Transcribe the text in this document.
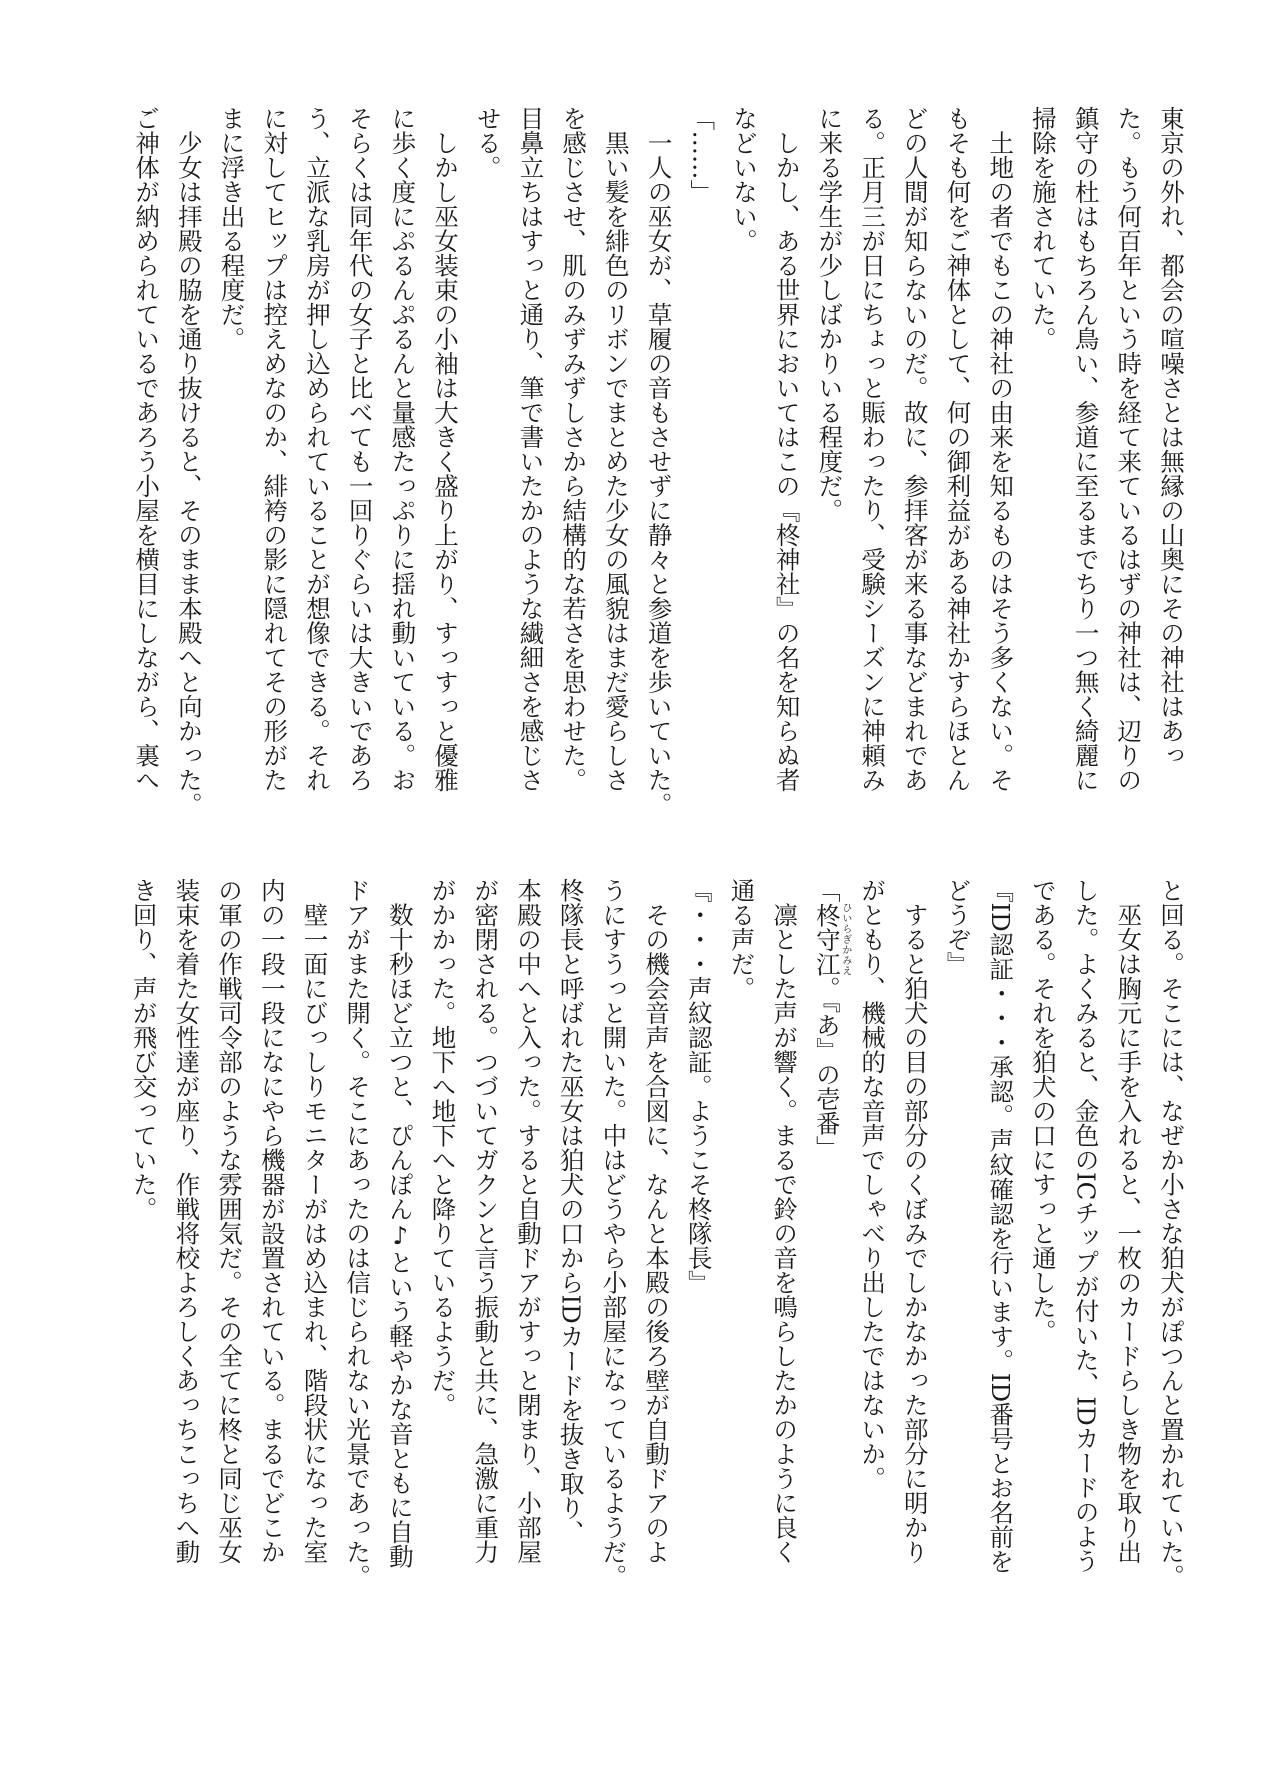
東京の外れ、都会の喧噪さとは無縁の山奥にその神社はあっ
た。もう何百年という時を経て来ているはずの神社は、辺りの
鎮守の杜はもちろん鳥い、参道に至るまでちり一つ無く綺麗に
掃除を施されていた。
　土地の者でもこの神社の由来を知るものはそう多くない。そ
もそも何をご神体として、何の御利益がある神社かすらほとん
どの人間が知らないのだ。故に、参拝客が来る事などまれであ
る。正月三が日にちょっと賑わったり、受験シーズンに神頼み
に来る学生が少しばかりいる程度だ。
　しかし、ある世界においてはこの『柊神社』の名を知らぬ者
などいない。
「……」
　一人の巫女が、草履の音もさせずに静々と参道を歩いていた。
　黒い髪を緋色のリボンでまとめた少女の風貌はまだ愛らしさ
を感じさせ、肌のみずみずしさから結構的な若さを思わせた。
目鼻立ちはすっと通り、筆で書いたかのような繊細さを感じさ
せる。
　しかし巫女装束の小袖は大きく盛り上がり、すっすっと優雅
に歩く度にぷるんぷるんと量感たっぷりに揺れ動いている。お
そらくは同年代の女子と比べても一回りぐらいは大きいであろ
う、立派な乳房が押し込められていることが想像できる。それ
に対してヒップは控えめなのか、緋袴の影に隠れてその形がた
まに浮き出る程度だ。
　少女は拝殿の脇を通り抜けると、そのまま本殿へと向かった。
ご神体が納められているであろう小屋を横目にしながら、裏へ
と回る。そこには、なぜか小さな狛犬がぽつんと置かれていた。
　巫女は胸元に手を入れると、一枚のカードらしき物を取り出
した。よくみると、金色のICチップが付いた、IDカードのよう
である。それを狛犬の口にすっと通した。
『ID認証・・・承認。声紋確認を行います。ID番号とお名前を
どうぞ』
　すると狛犬の目の部分のくぼみでしかなかった部分に明かり
がともり、機械的な音声でしゃべり出したではないか。
「柊守江ひいらぎかみえ。『あ』の壱番」
　凛とした声が響く。まるで鈴の音を鳴らしたかのように良く
通る声だ。
『・・・声紋認証。ようこそ柊隊長』
　その機会音声を合図に、なんと本殿の後ろ壁が自動ドアのよ
うにすうっと開いた。中はどうやら小部屋になっているようだ。
柊隊長と呼ばれた巫女は狛犬の口からIDカードを抜き取り、
本殿の中へと入った。すると自動ドアがすっと閉まり、小部屋
が密閉される。つづいてガクンと言う振動と共に、急激に重力
がかかった。地下へ地下へと降りているようだ。
　数十秒ほど立つと、ぴんぽん♪という軽やかな音ともに自動
ドアがまた開く。そこにあったのは信じられない光景であった。
　壁一面にびっしりモニターがはめ込まれ、階段状になった室
内の一段一段になにやら機器が設置されている。まるでどこか
の軍の作戦司令部のような雰囲気だ。その全てに柊と同じ巫女
装束を着た女性達が座り、作戦将校よろしくあっちこっちへ動
き回り、声が飛び交っていた。
